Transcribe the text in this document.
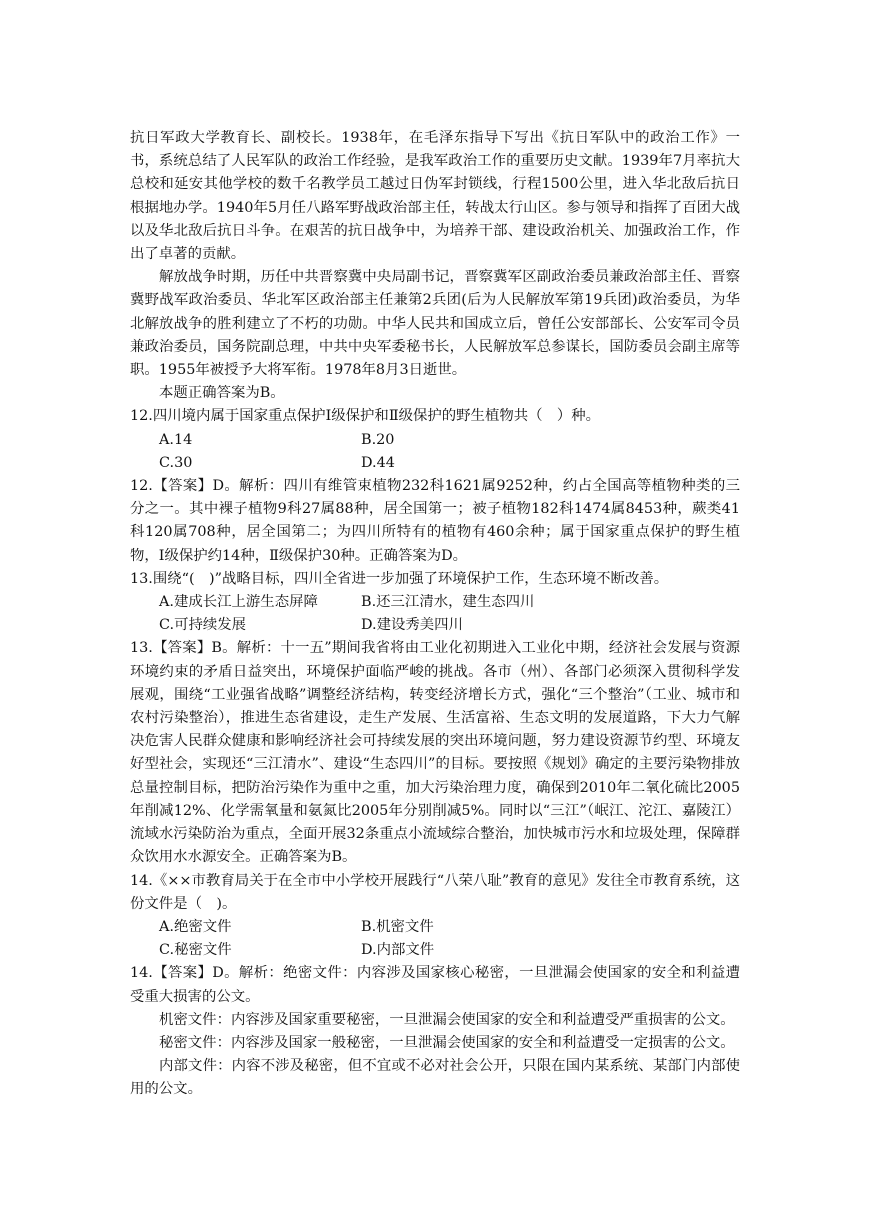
抗日军政大学教育长、副校长。1938年，在毛泽东指导下写出《抗日军队中的政治工作》一书，系统总结了人民军队的政治工作经验，是我军政治工作的重要历史文献。1939年7月率抗大总校和延安其他学校的数千名教学员工越过日伪军封锁线，行程1500公里，进入华北敌后抗日根据地办学。1940年5月任八路军野战政治部主任，转战太行山区。参与领导和指挥了百团大战以及华北敌后抗日斗争。在艰苦的抗日战争中，为培养干部、建设政治机关、加强政治工作，作出了卓著的贡献。

解放战争时期，历任中共晋察冀中央局副书记，晋察冀军区副政治委员兼政治部主任、晋察冀野战军政治委员、华北军区政治部主任兼第2兵团(后为人民解放军第19兵团)政治委员，为华北解放战争的胜利建立了不朽的功勋。中华人民共和国成立后，曾任公安部部长、公安军司令员兼政治委员，国务院副总理，中共中央军委秘书长，人民解放军总参谋长，国防委员会副主席等职。1955年被授予大将军衔。1978年8月3日逝世。

本题正确答案为B。

12.四川境内属于国家重点保护Ⅰ级保护和Ⅱ级保护的野生植物共（　）种。

A.14	B.20
C.30	D.44

12.【答案】D。解析：四川有维管束植物232科1621属9252种，约占全国高等植物种类的三分之一。其中裸子植物9科27属88种，居全国第一；被子植物182科1474属8453种，蕨类41科120属708种，居全国第二；为四川所特有的植物有460余种；属于国家重点保护的野生植物，Ⅰ级保护约14种，Ⅱ级保护30种。正确答案为D。

13.围绕“(　)”战略目标，四川全省进一步加强了环境保护工作，生态环境不断改善。

A.建成长江上游生态屏障	B.还三江清水，建生态四川
C.可持续发展	D.建设秀美四川

13.【答案】B。解析：十一五”期间我省将由工业化初期进入工业化中期，经济社会发展与资源环境约束的矛盾日益突出，环境保护面临严峻的挑战。各市（州）、各部门必须深入贯彻科学发展观，围绕“工业强省战略”调整经济结构，转变经济增长方式，强化“三个整治”（工业、城市和农村污染整治），推进生态省建设，走生产发展、生活富裕、生态文明的发展道路，下大力气解决危害人民群众健康和影响经济社会可持续发展的突出环境问题，努力建设资源节约型、环境友好型社会，实现还“三江清水”、建设“生态四川”的目标。要按照《规划》确定的主要污染物排放总量控制目标，把防治污染作为重中之重，加大污染治理力度，确保到2010年二氧化硫比2005年削减12%、化学需氧量和氨氮比2005年分别削减5%。同时以“三江”（岷江、沱江、嘉陵江）流域水污染防治为重点，全面开展32条重点小流域综合整治，加快城市污水和垃圾处理，保障群众饮用水水源安全。正确答案为B。

14.《××市教育局关于在全市中小学校开展践行“八荣八耻”教育的意见》发往全市教育系统，这份文件是（　)。

A.绝密文件	B.机密文件
C.秘密文件	D.内部文件

14.【答案】D。解析：绝密文件：内容涉及国家核心秘密，一旦泄漏会使国家的安全和利益遭受重大损害的公文。

机密文件：内容涉及国家重要秘密，一旦泄漏会使国家的安全和利益遭受严重损害的公文。

秘密文件：内容涉及国家一般秘密，一旦泄漏会使国家的安全和利益遭受一定损害的公文。

内部文件：内容不涉及秘密，但不宜或不必对社会公开，只限在国内某系统、某部门内部使用的公文。
